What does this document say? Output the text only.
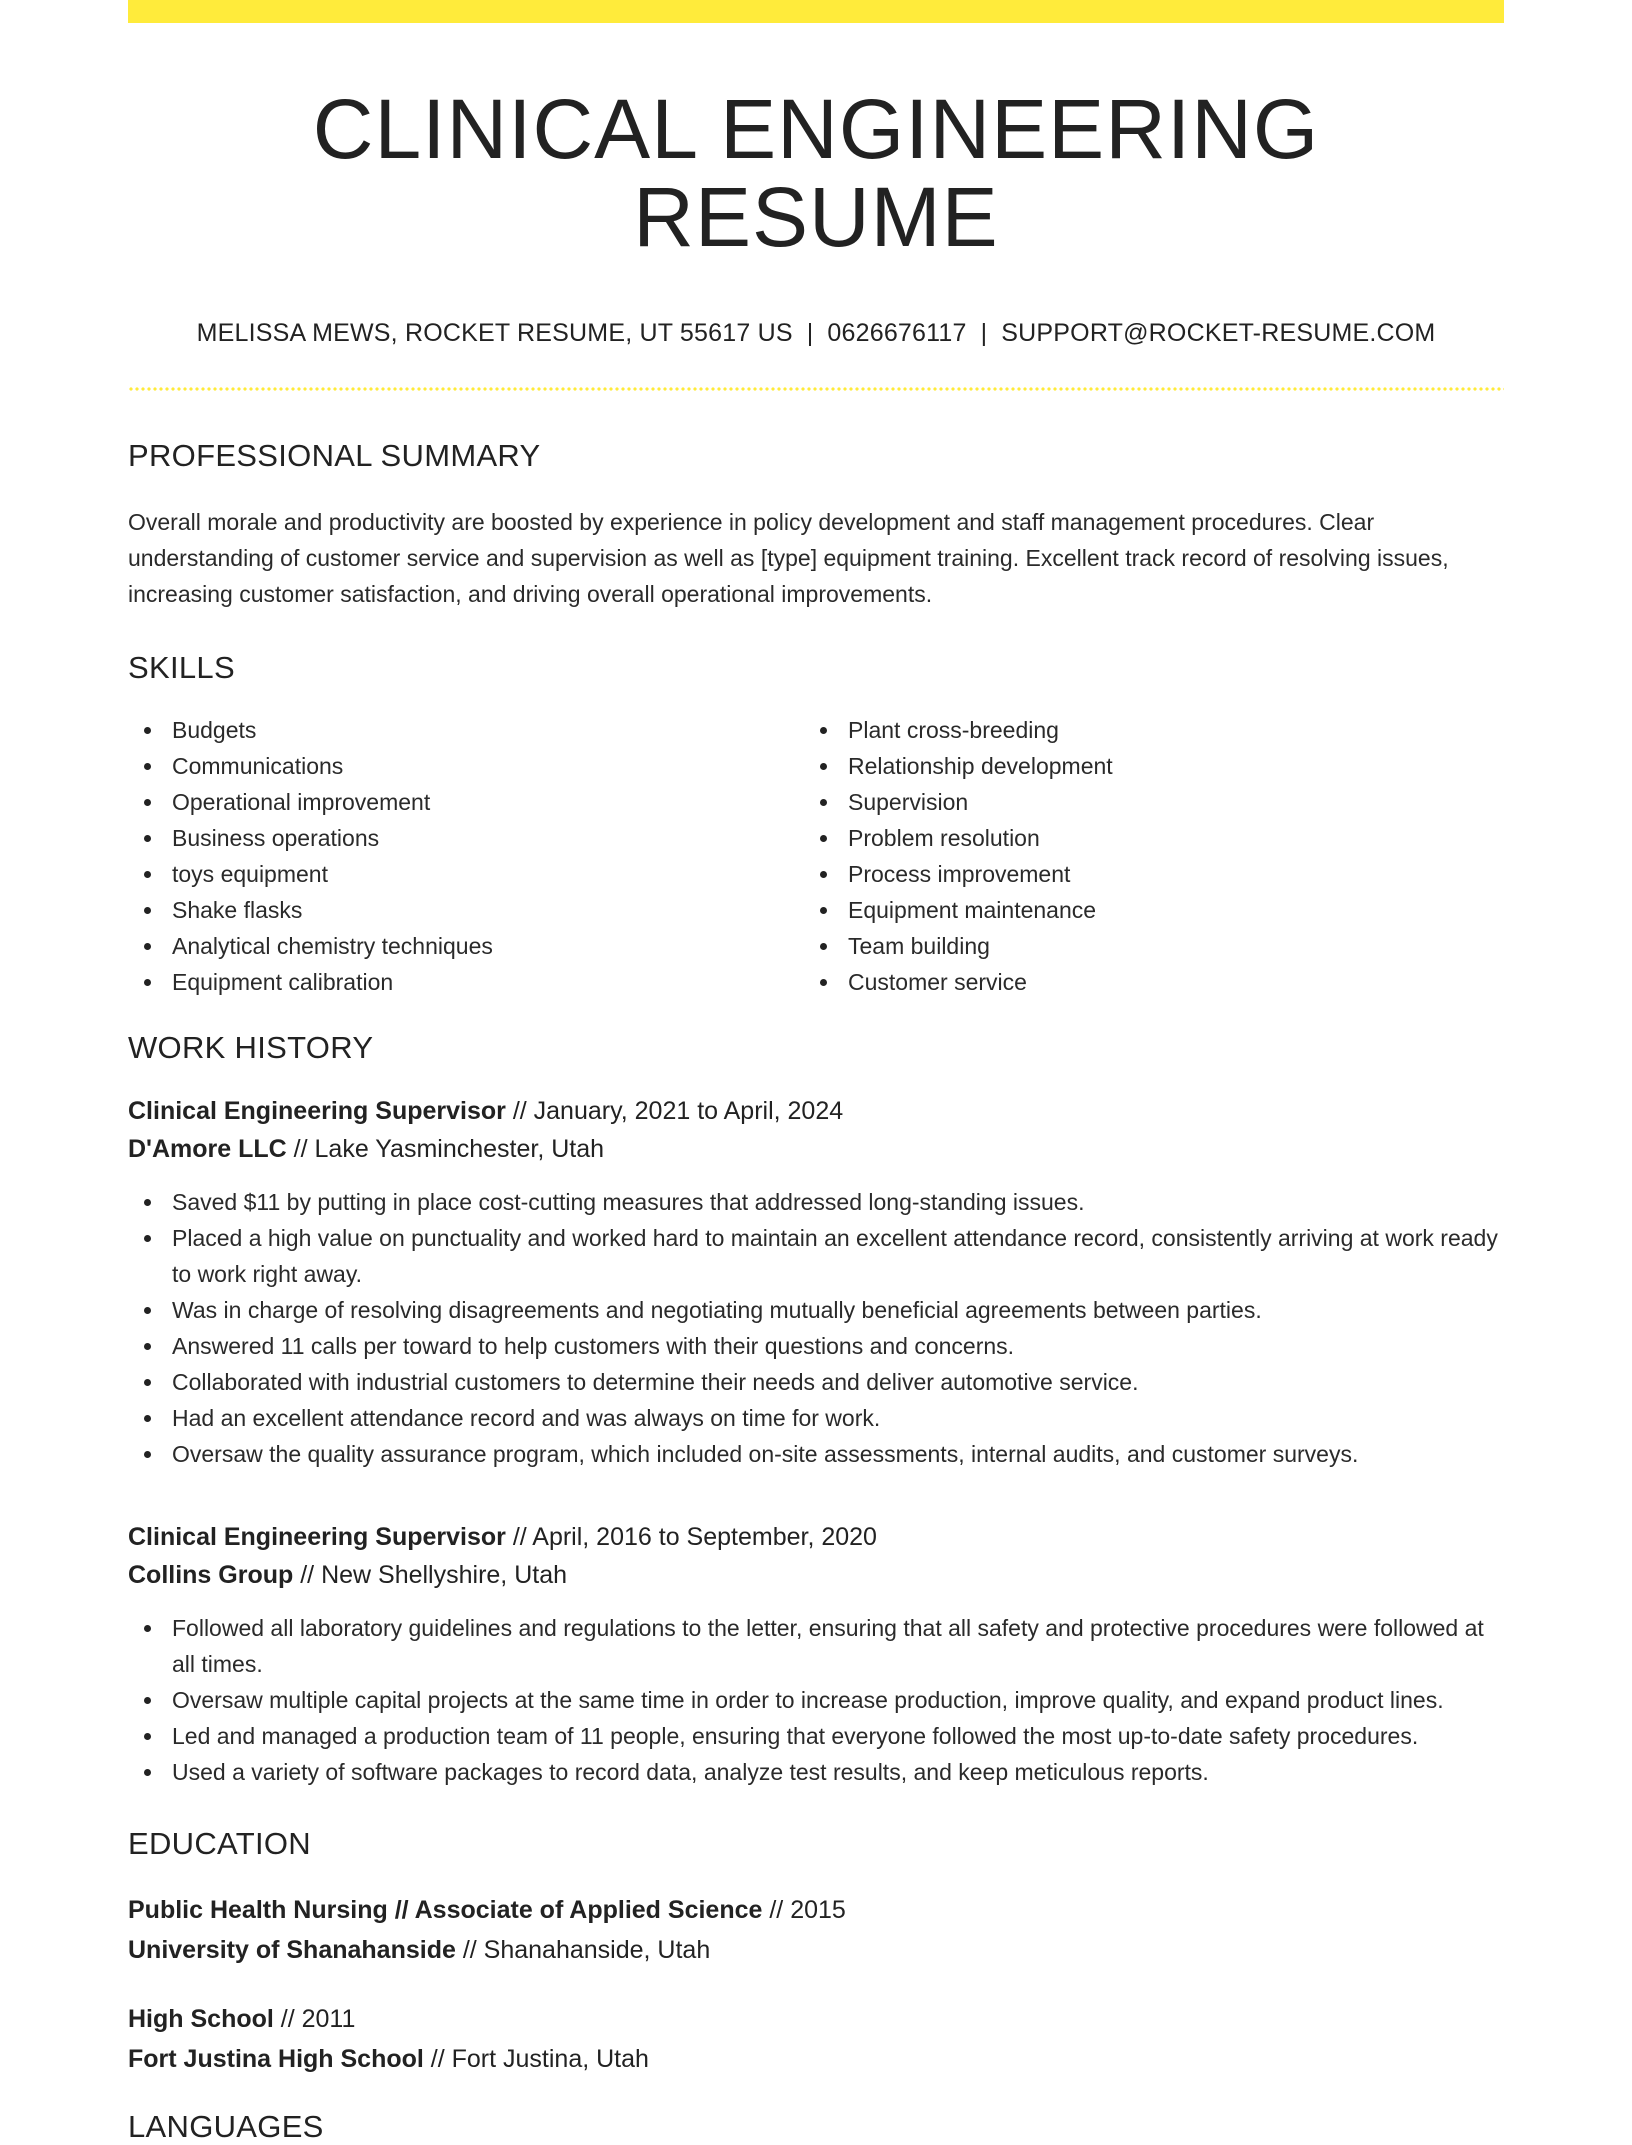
CLINICAL ENGINEERING RESUME
MELISSA MEWS, ROCKET RESUME, UT 55617 US | 0626676117 | SUPPORT@ROCKET-RESUME.COM
PROFESSIONAL SUMMARY

Overall morale and productivity are boosted by experience in policy development and staff management procedures. Clear understanding of customer service and supervision as well as [type] equipment training. Excellent track record of resolving issues, increasing customer satisfaction, and driving overall operational improvements.

SKILLS
Budgets
Communications
Operational improvement
Business operations
toys equipment
Shake flasks
Analytical chemistry techniques
Equipment calibration
Plant cross-breeding
Relationship development
Supervision
Problem resolution
Process improvement
Equipment maintenance
Team building
Customer service
WORK HISTORY
Clinical Engineering Supervisor // January, 2021 to April, 2024
D'Amore LLC // Lake Yasminchester, Utah
Saved $11 by putting in place cost-cutting measures that addressed long-standing issues.
Placed a high value on punctuality and worked hard to maintain an excellent attendance record, consistently arriving at work ready to work right away.
Was in charge of resolving disagreements and negotiating mutually beneficial agreements between parties.
Answered 11 calls per toward to help customers with their questions and concerns.
Collaborated with industrial customers to determine their needs and deliver automotive service.
Had an excellent attendance record and was always on time for work.
Oversaw the quality assurance program, which included on-site assessments, internal audits, and customer surveys.
Clinical Engineering Supervisor // April, 2016 to September, 2020
Collins Group // New Shellyshire, Utah
Followed all laboratory guidelines and regulations to the letter, ensuring that all safety and protective procedures were followed at all times.
Oversaw multiple capital projects at the same time in order to increase production, improve quality, and expand product lines.
Led and managed a production team of 11 people, ensuring that everyone followed the most up-to-date safety procedures.
Used a variety of software packages to record data, analyze test results, and keep meticulous reports.
EDUCATION
Public Health Nursing // Associate of Applied Science // 2015
University of Shanahanside // Shanahanside, Utah
High School // 2011
Fort Justina High School // Fort Justina, Utah
LANGUAGES
